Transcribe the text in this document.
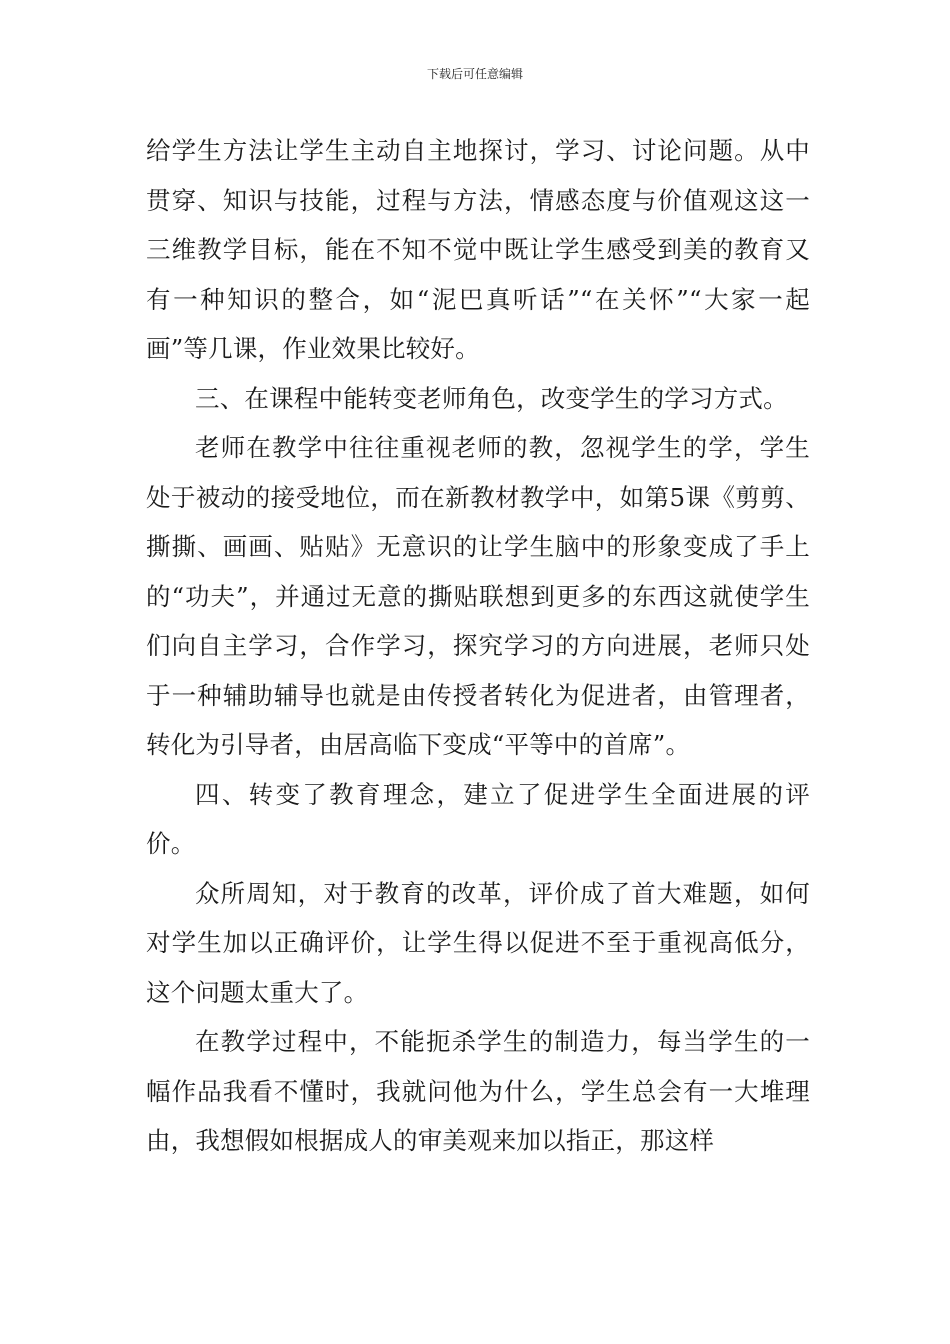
下载后可任意编辑

给学生方法让学生主动自主地探讨，学习、讨论问题。从中贯穿、知识与技能，过程与方法，情感态度与价值观这这一三维教学目标，能在不知不觉中既让学生感受到美的教育又有一种知识的整合，如“泥巴真听话”“在关怀”“大家一起画”等几课，作业效果比较好。

三、在课程中能转变老师角色，改变学生的学习方式。

老师在教学中往往重视老师的教，忽视学生的学，学生处于被动的接受地位，而在新教材教学中，如第5课《剪剪、撕撕、画画、贴贴》无意识的让学生脑中的形象变成了手上的“功夫”，并通过无意的撕贴联想到更多的东西这就使学生们向自主学习，合作学习，探究学习的方向进展，老师只处于一种辅助辅导也就是由传授者转化为促进者，由管理者，转化为引导者，由居高临下变成“平等中的首席”。

四、转变了教育理念，建立了促进学生全面进展的评价。

众所周知，对于教育的改革，评价成了首大难题，如何对学生加以正确评价，让学生得以促进不至于重视高低分，这个问题太重大了。

在教学过程中，不能扼杀学生的制造力，每当学生的一幅作品我看不懂时，我就问他为什么，学生总会有一大堆理由，我想假如根据成人的审美观来加以指正，那这样
